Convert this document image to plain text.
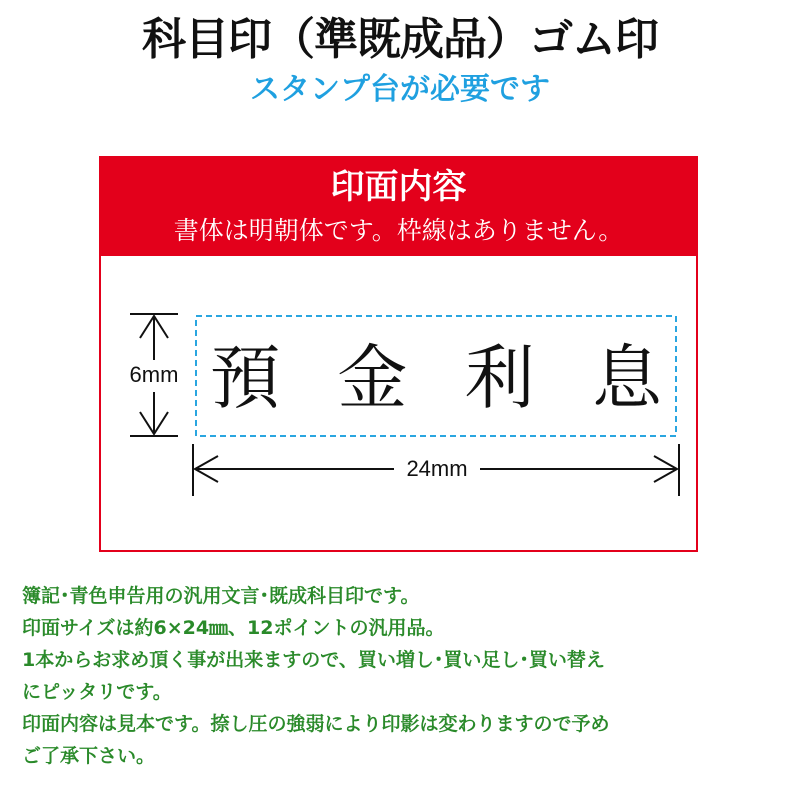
科目印（準既成品）ゴム印
スタンプ台が必要です
印面内容
書体は明朝体です。枠線はありません。
預 金 利 息
6mm
24mm
簿記･青色申告用の汎用文言･既成科目印です。
印面サイズは約6×24㎜、12ポイントの汎用品。
1本からお求め頂く事が出来ますので、買い増し･買い足し･買い替え
にピッタリです。
印面内容は見本です。捺し圧の強弱により印影は変わりますので予め
ご了承下さい。
